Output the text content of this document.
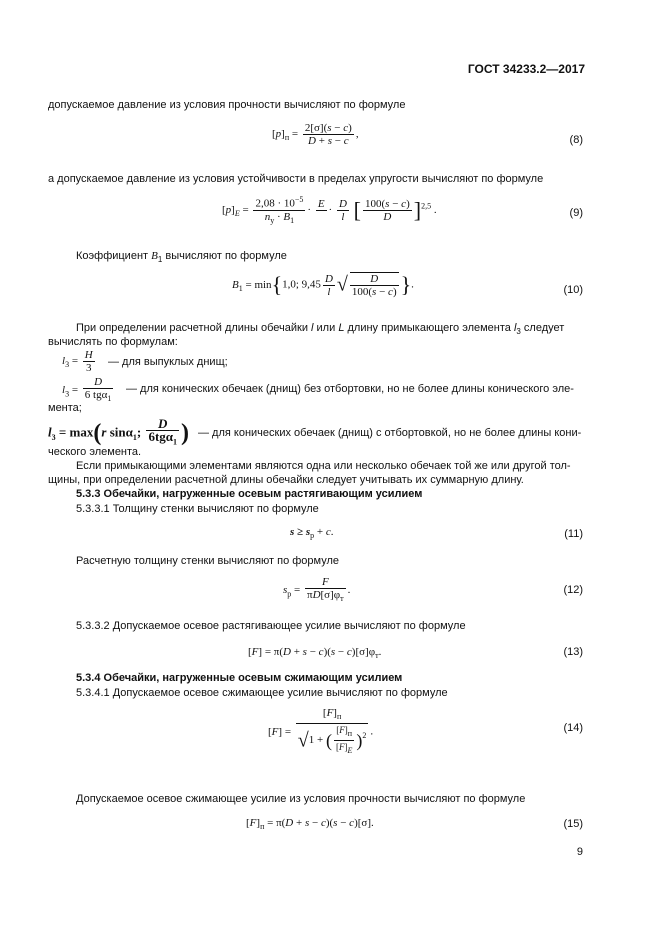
ГОСТ 34233.2—2017
допускаемое давление из условия прочности вычисляют по формуле
$[p]_п = \frac{2[\sigma](s - c)}{D + s - c}$ ,	(8)
а допускаемое давление из условия устойчивости в пределах упругости вычисляют по формуле
$[p]_E = \frac{2,08 \cdot 10^{-5}}{n_y \cdot B_1}$ ·
E

· $\frac{D}{l}$ [ $\frac{100(s - c)}{D} ]^{2,5}$ .	(9)
Коэффициент $B_1$ вычисляют по формуле
$B_1 = \min\{1,0$; $9,45 \frac{D}{l}$ √ $\frac{D}{100(s - c)}$ }.	(10)
При определении расчетной длины обечайки l или L длину примыкающего элемента $l_3$ следует
вычислять по формулам:
$l_3 = \frac{H}{3}$ — для выпуклых днищ;
$l_3 = \frac{D}{6 tg\alpha_1}$ — для конических обечаек (днищ) без отбортовки, но не более длины конического эле-
мента;
$l_3 = \max(r$ sinα$_1$; $\frac{D}{6tg\alpha_1}$ ) — для конических обечаек (днищ) с отбортовкой, но не более длины кони-
ческого элемента.
Если примыкающими элементами являются одна или несколько обечаек той же или другой тол-
щины, при определении расчетной длины обечайки следует учитывать их суммарную длину.
5.3.3 Обечайки, нагруженные осевым растягивающим усилием
5.3.3.1 Толщину стенки вычисляют по формуле
$s \ge s_p + c$.	(11)
Расчетную толщину стенки вычисляют по формуле
$s_p = \frac{F}{\pi D[\sigma]\varphi_т}$ .	(12)
5.3.3.2 Допускаемое осевое растягивающее усилие вычисляют по формуле
$[F] = \pi(D + s - c)(s - c)[\sigma]\varphi_т$.	(13)
5.3.4 Обечайки, нагруженные осевым сжимающим усилием
5.3.4.1 Допускаемое осевое сжимающее усилие вычисляют по формуле
$[F] = \frac{[F]_п}{√1 + ( \frac{[F]_п}{[F]_E} )^2}$ .	(14)
Допускаемое осевое сжимающее усилие из условия прочности вычисляют по формуле
$[F]_п = \pi(D + s - c)(s - c)[\sigma]$.	(15)
9
